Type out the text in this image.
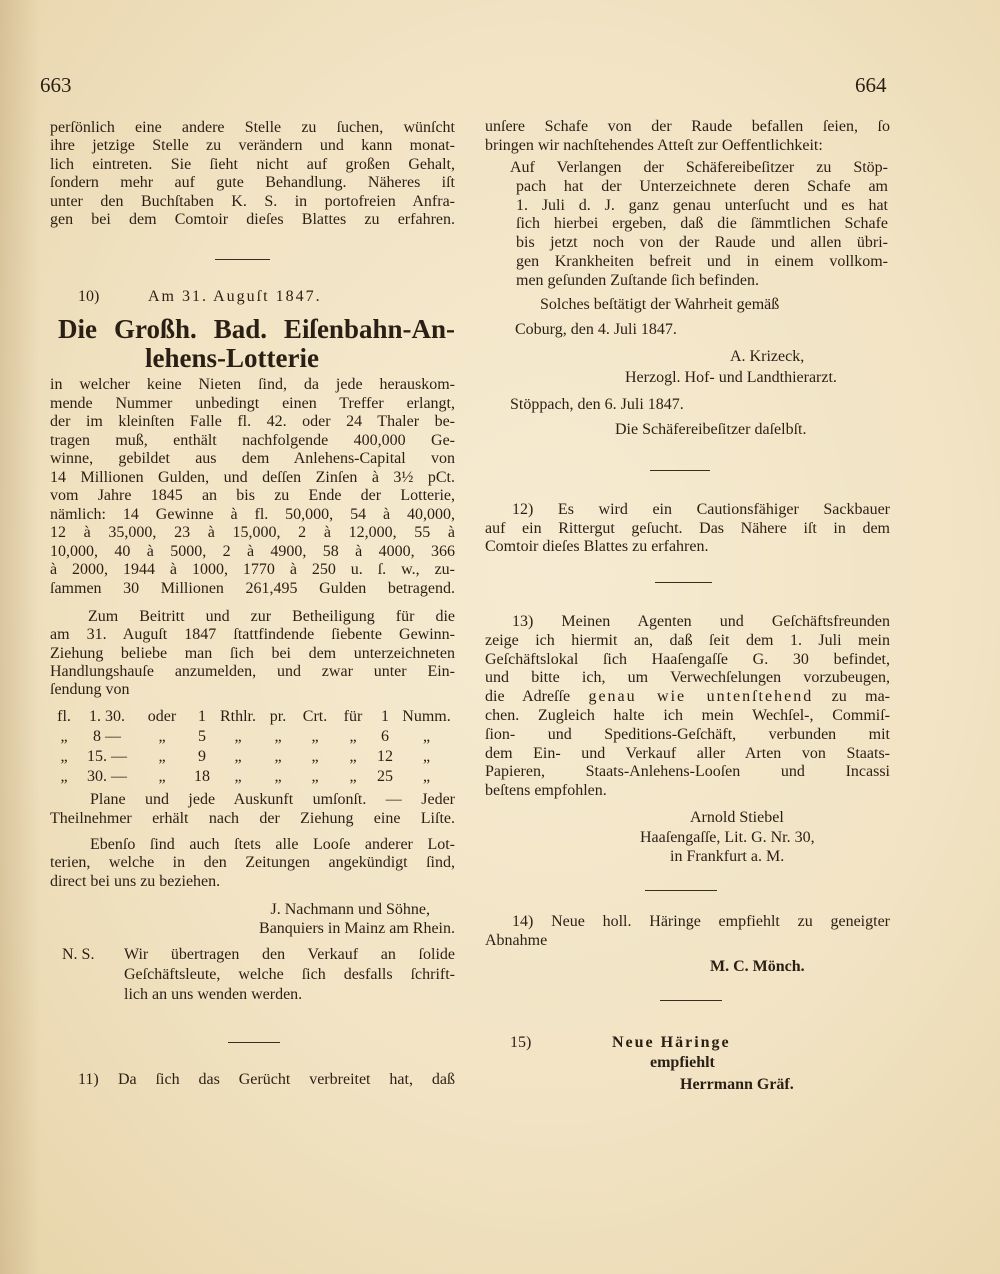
663	664
perſönlich eine andere Stelle zu ſuchen, wünſcht
ihre jetzige Stelle zu verändern und kann monat-
lich eintreten. Sie ſieht nicht auf großen Gehalt,
ſondern mehr auf gute Behandlung. Näheres iſt
unter den Buchſtaben K. S. in portofreien Anfra-
gen bei dem Comtoir dieſes Blattes zu erfahren.
10)	Am 31. Auguſt 1847.
Die Großh. Bad. Eiſenbahn-An-
lehens-Lotterie
in welcher keine Nieten ſind, da jede herauskom-
mende Nummer unbedingt einen Treffer erlangt,
der im kleinſten Falle fl. 42. oder 24 Thaler be-
tragen muß, enthält nachfolgende 400,000 Ge-
winne, gebildet aus dem Anlehens-Capital von
14 Millionen Gulden, und deſſen Zinſen à 3½ pCt.
vom Jahre 1845 an bis zu Ende der Lotterie,
nämlich: 14 Gewinne à fl. 50,000, 54 à 40,000,
12 à 35,000, 23 à 15,000, 2 à 12,000, 55 à
10,000, 40 à 5000, 2 à 4900, 58 à 4000, 366
à 2000, 1944 à 1000, 1770 à 250 u. ſ. w., zu-
ſammen 30 Millionen 261,495 Gulden betragend.
Zum Beitritt und zur Betheiligung für die
am 31. Auguſt 1847 ſtattfindende ſiebente Gewinn-
Ziehung beliebe man ſich bei dem unterzeichneten
Handlungshauſe anzumelden, und zwar unter Ein-
ſendung von
fl.	1. 30.	oder	1 Rthlr. pr.	Crt.	für	1 Numm.
„	8 —	„	5	„	„	„	„	6	„
„	15. —	„	9	„	„	„	„	12	„
„	30. —	„	18	„	„	„	„	25	„
Plane und jede Auskunft umſonſt. — Jeder
Theilnehmer erhält nach der Ziehung eine Liſte.
Ebenſo ſind auch ſtets alle Looſe anderer Lot-
terien, welche in den Zeitungen angekündigt ſind,
direct bei uns zu beziehen.
J. Nachmann und Söhne,
Banquiers in Mainz am Rhein.
N. S. Wir übertragen den Verkauf an ſolide
Geſchäftsleute, welche ſich desfalls ſchrift-
lich an uns wenden werden.
11) Da ſich das Gerücht verbreitet hat, daß
unſere Schafe von der Raude befallen ſeien, ſo
bringen wir nachſtehendes Atteſt zur Oeffentlichkeit:
Auf Verlangen der Schäfereibeſitzer zu Stöp-
pach hat der Unterzeichnete deren Schafe am
1. Juli d. J. ganz genau unterſucht und es hat
ſich hierbei ergeben, daß die ſämmtlichen Schafe
bis jetzt noch von der Raude und allen übri-
gen Krankheiten befreit und in einem vollkom-
men geſunden Zuſtande ſich befinden.
Solches beſtätigt der Wahrheit gemäß
Coburg, den 4. Juli 1847.
A. Krizeck,
Herzogl. Hof- und Landthierarzt.
Stöppach, den 6. Juli 1847.
Die Schäfereibeſitzer daſelbſt.
12) Es wird ein Cautionsfähiger Sackbauer
auf ein Rittergut geſucht. Das Nähere iſt in dem
Comtoir dieſes Blattes zu erfahren.
13) Meinen Agenten und Geſchäftsfreunden
zeige ich hiermit an, daß ſeit dem 1. Juli mein
Geſchäftslokal ſich Haaſengaſſe G. 30 befindet,
und bitte ich, um Verwechſelungen vorzubeugen,
die Adreſſe genau wie untenſtehend zu ma-
chen. Zugleich halte ich mein Wechſel-, Commiſ-
ſion- und Speditions-Geſchäft, verbunden mit
dem Ein- und Verkauf aller Arten von Staats-
Papieren, Staats-Anlehens-Looſen und Incassi
beſtens empfohlen.
Arnold Stiebel
Haaſengaſſe, Lit. G. Nr. 30,
in Frankfurt a. M.
14) Neue holl. Häringe empfiehlt zu geneigter
Abnahme
M. C. Mönch.
15)	Neue Häringe
empfiehlt
Herrmann Gräf.
